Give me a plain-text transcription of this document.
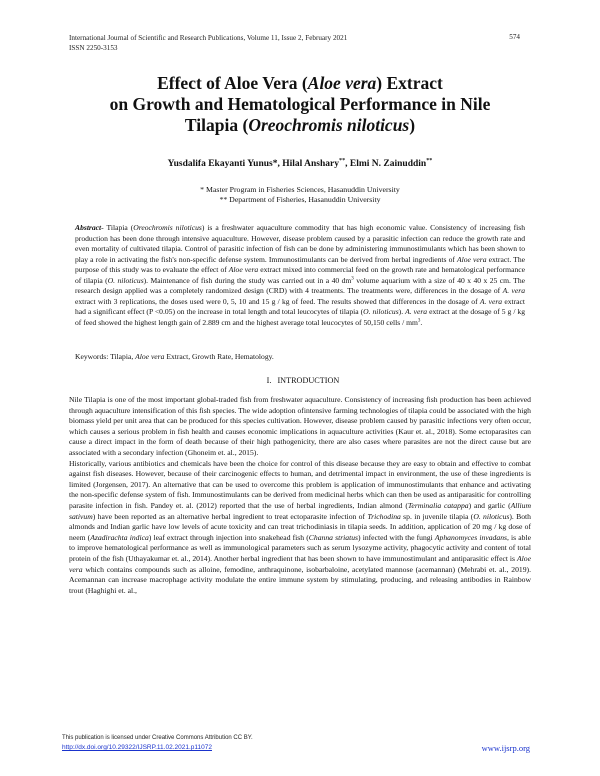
International Journal of Scientific and Research Publications, Volume 11, Issue 2, February 2021
ISSN 2250-3153
574
Effect of Aloe Vera (Aloe vera) Extract
on Growth and Hematological Performance in Nile
Tilapia (Oreochromis niloticus)
Yusdalifa Ekayanti Yunus*, Hilal Anshary**, Elmi N. Zainuddin**
* Master Program in Fisheries Sciences, Hasanuddin University
** Department of Fisheries, Hasanuddin University
Abstract- Tilapia (Oreochromis niloticus) is a freshwater aquaculture commodity that has high economic value. Consistency of increasing fish production has been done through intensive aquaculture. However, disease problem caused by a parasitic infection can reduce the growth rate and even mortality of cultivated tilapia. Control of parasitic infection of fish can be done by administering immunostimulants which has been shown to play a role in activating the fish's non-specific defense system. Immunostimulants can be derived from herbal ingredients of Aloe vera extract. The purpose of this study was to evaluate the effect of Aloe vera extract mixed into commercial feed on the growth rate and hematological performance of tilapia (O. niloticus). Maintenance of fish during the study was carried out in a 40 $dm^3$ volume aquarium with a size of 40 x 40 x 25 cm. The research design applied was a completely randomized design (CRD) with 4 treatments. The treatments were, differences in the dosage of A. vera extract with 3 replications, the doses used were 0, 5, 10 and 15 g / kg of feed. The results showed that differences in the dosage of A. vera extract had a significant effect (P <0.05) on the increase in total length and total leucocytes of tilapia (O. niloticus). A. vera extract at the dosage of 5 g / kg of feed showed the highest length gain of 2.889 cm and the highest average total leucocytes of 50,150 cells / $mm^3$.
Keywords: Tilapia, Aloe vera Extract, Growth Rate, Hematology.
I. INTRODUCTION

Nile Tilapia is one of the most important global-traded fish from freshwater aquaculture. Consistency of increasing fish production has been achieved through aquaculture intensification of this fish species. The wide adoption ofintensive farming technologies of tilapia could be associated with the high biomass yield per unit area that can be produced for this species cultivation. However, disease problem caused by parasitic infections very often occur, which causes a serious problem in fish health and causes economic implications in aquaculture activities (Kaur et. al., 2018). Some ectoparasites can cause a direct impact in the form of death because of their high pathogenicity, there are also cases where parasites are not the direct cause but are associated with a secondary infection (Ghoneim et. al., 2015).

Historically, various antibiotics and chemicals have been the choice for control of this disease because they are easy to obtain and effective to combat against fish diseases. However, because of their carcinogenic effects to human, and detrimental impact in environment, the use of these ingredients is limited (Jorgensen, 2017). An alternative that can be used to overcome this problem is application of immunostimulants that enhance and activating the non-specific defense system of fish. Immunostimulants can be derived from medicinal herbs which can then be used as antiparasitic for controlling parasite infection in fish. Pandey et. al. (2012) reported that the use of herbal ingredients, Indian almond (Terminalia catappa) and garlic (Allium sativum) have been reported as an alternative herbal ingredient to treat ectoparasite infection of Trichodina sp. in juvenile tilapia (O. niloticus). Both almonds and Indian garlic have low levels of acute toxicity and can treat trichodiniasis in tilapia seeds. In addition, application of 20 mg / kg dose of neem (Azadirachta indica) leaf extract through injection into snakehead fish (Channa striatus) infected with the fungi Aphanomyces invadans, is able to improve hematological performance as well as immunological parameters such as serum lysozyme activity, phagocytic activity and content of total protein of the fish (Uthayakumar et. al., 2014). Another herbal ingredient that has been shown to have immunostimulant and antiparasitic effect is Aloe vera which contains compounds such as alloine, femodine, anthraquinone, isobarbaloine, acetylated mannose (acemannan) (Mehrabi et. al., 2019). Acemannan can increase macrophage activity modulate the entire immune system by stimulating, producing, and releasing antibodies in Rainbow trout (Haghighi et. al.,

This publication is licensed under Creative Commons Attribution CC BY.
http://dx.doi.org/10.29322/IJSRP.11.02.2021.p11072	www.ijsrp.org
